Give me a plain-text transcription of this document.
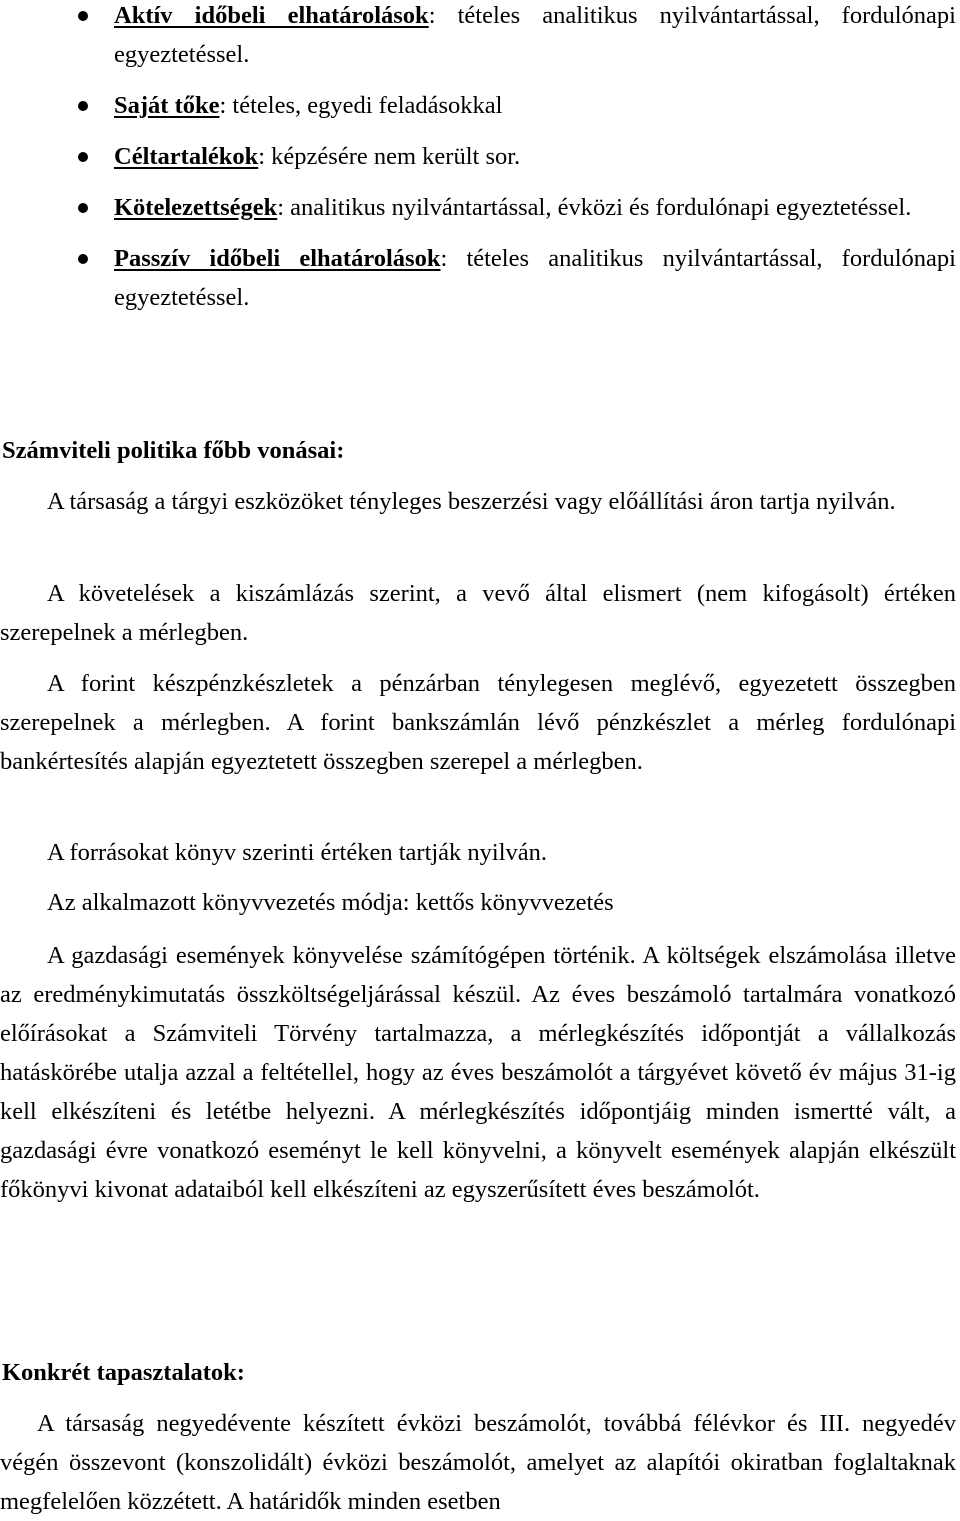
Aktív időbeli elhatárolások: tételes analitikus nyilvántartással, fordulónapi egyeztetéssel.
Saját tőke: tételes, egyedi feladásokkal
Céltartalékok: képzésére nem került sor.
Kötelezettségek: analitikus nyilvántartással, évközi és fordulónapi egyeztetéssel.
Passzív időbeli elhatárolások: tételes analitikus nyilvántartással, fordulónapi egyeztetéssel.
Számviteli politika főbb vonásai:

A társaság a tárgyi eszközöket tényleges beszerzési vagy előállítási áron tartja nyilván.

A követelések a kiszámlázás szerint, a vevő által elismert (nem kifogásolt) értéken szerepelnek a mérlegben.

A forint készpénzkészletek a pénzárban ténylegesen meglévő, egyezetett összegben szerepelnek a mérlegben. A forint bankszámlán lévő pénzkészlet a mérleg fordulónapi bankértesítés alapján egyeztetett összegben szerepel a mérlegben.

A forrásokat könyv szerinti értéken tartják nyilván.

Az alkalmazott könyvvezetés módja: kettős könyvvezetés

A gazdasági események könyvelése számítógépen történik. A költségek elszámolása illetve az eredménykimutatás összköltségeljárással készül. Az éves beszámoló tartalmára vonatkozó előírásokat a Számviteli Törvény tartalmazza, a mérlegkészítés időpontját a vállalkozás hatáskörébe utalja azzal a feltétellel, hogy az éves beszámolót a tárgyévet követő év május 31-ig kell elkészíteni és letétbe helyezni. A mérlegkészítés időpontjáig minden ismertté vált, a gazdasági évre vonatkozó eseményt le kell könyvelni, a könyvelt események alapján elkészült főkönyvi kivonat adataiból kell elkészíteni az egyszerűsített éves beszámolót.

Konkrét tapasztalatok:

A társaság negyedévente készített évközi beszámolót, továbbá félévkor és III. negyedév végén összevont (konszolidált) évközi beszámolót, amelyet az alapítói okiratban foglaltaknak megfelelően közzétett. A határidők minden esetben
